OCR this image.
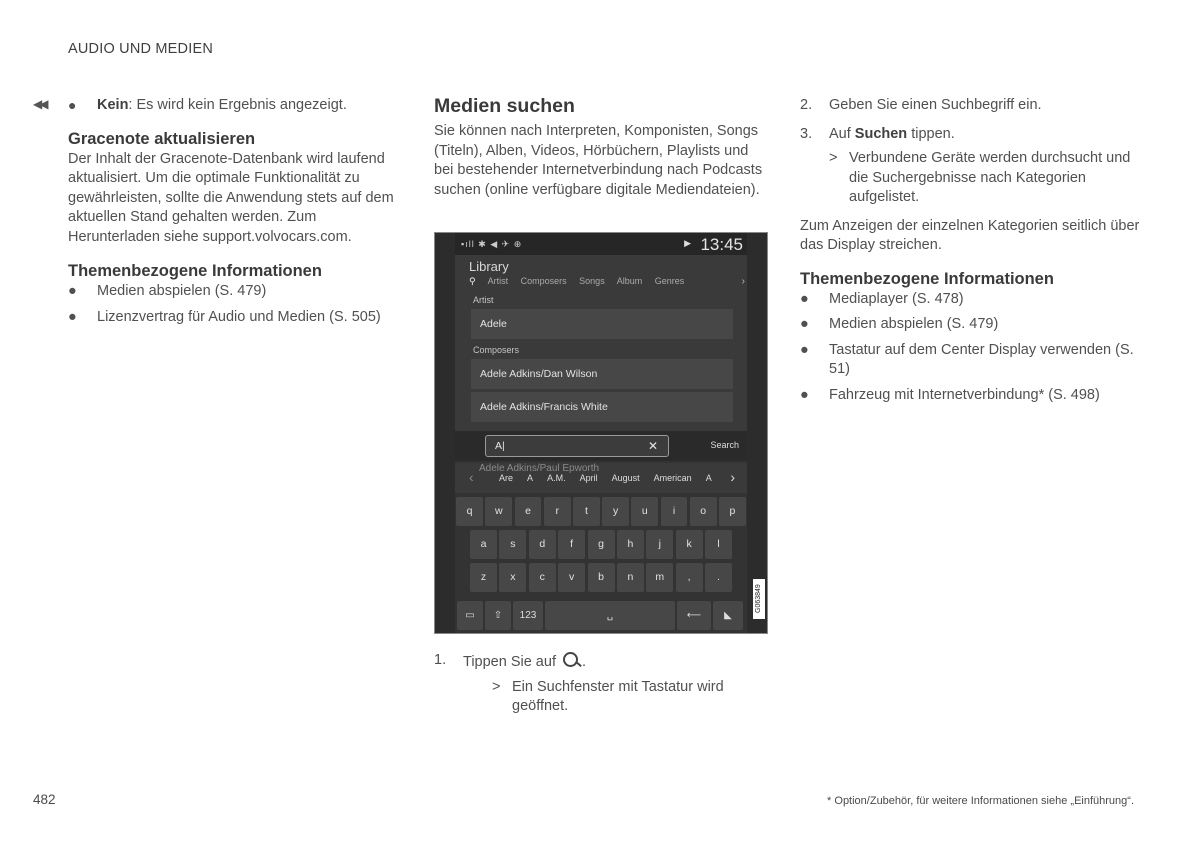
AUDIO UND MEDIEN
◀◀ ● Kein: Es wird kein Ergebnis angezeigt.
Gracenote aktualisieren

Der Inhalt der Gracenote-Datenbank wird laufend aktualisiert. Um die optimale Funktionalität zu gewährleisten, sollte die Anwendung stets auf dem aktuellen Stand gehalten werden. Zum Herunterladen siehe support.volvocars.com.

Themenbezogene Informationen
● Medien abspielen (S. 479)
● Lizenzvertrag für Audio und Medien (S. 505)
Medien suchen

Sie können nach Interpreten, Komponisten, Songs (Titeln), Alben, Videos, Hörbüchern, Playlists und bei bestehender Internetverbindung nach Podcasts suchen (online verfügbare digitale Mediendateien).

▪ıll ✱ ◀ ✈ ⊕	▶ 13:45
Library
⚲ Artist Composers Songs Album Genres	›
Artist
Adele
Composers
Adele Adkins/Dan Wilson
Adele Adkins/Francis White
A|	✕	Search
Adele Adkins/Paul Epworth
‹	Are A A.M. April August American A	›
q	w	e	r	t	y	u	i	o	p
a	s	d	f	g	h	j	k	l
z	x	c	v	b	n	m	,	.
▭	⇧	123	␣	⟵	◣
G063849
1. Tippen Sie auf .
> Ein Suchfenster mit Tastatur wird geöffnet.
2. Geben Sie einen Suchbegriff ein.
3. Auf Suchen tippen.
> Verbundene Geräte werden durchsucht und die Suchergebnisse nach Kategorien aufgelistet.

Zum Anzeigen der einzelnen Kategorien seitlich über das Display streichen.

Themenbezogene Informationen
● Mediaplayer (S. 478)
● Medien abspielen (S. 479)
● Tastatur auf dem Center Display verwenden (S. 51)
● Fahrzeug mit Internetverbindung* (S. 498)
482	* Option/Zubehör, für weitere Informationen siehe „Einführung“.
